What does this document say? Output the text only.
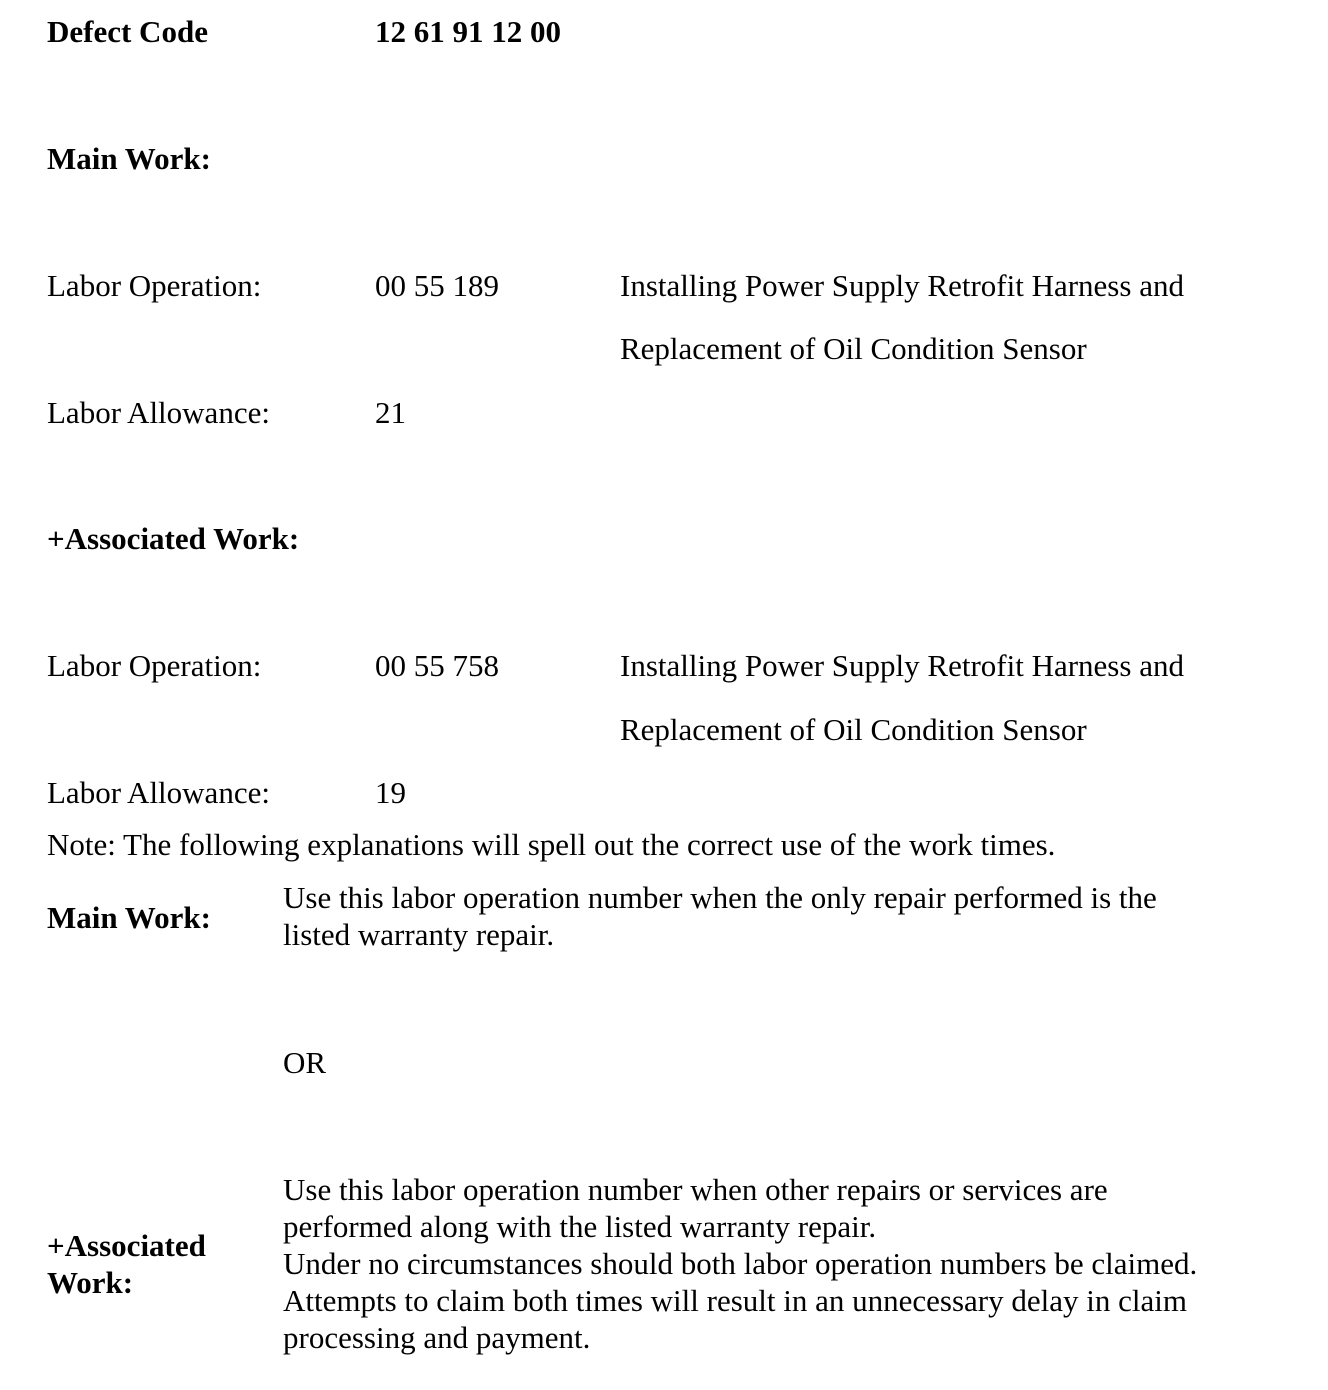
Defect Code	12 61 91 12 00
Main Work:
Labor Operation:	00 55 189	Installing Power Supply Retrofit Harness and
Replacement of Oil Condition Sensor
Labor Allowance:	21
+Associated Work:
Labor Operation:	00 55 758	Installing Power Supply Retrofit Harness and
Replacement of Oil Condition Sensor
Labor Allowance:	19
Note: The following explanations will spell out the correct use of the work times.
Main Work:
Use this labor operation number when the only repair performed is the
listed warranty repair.
OR
+Associated
Work:
Use this labor operation number when other repairs or services are
performed along with the listed warranty repair.
Under no circumstances should both labor operation numbers be claimed.
Attempts to claim both times will result in an unnecessary delay in claim
processing and payment.
